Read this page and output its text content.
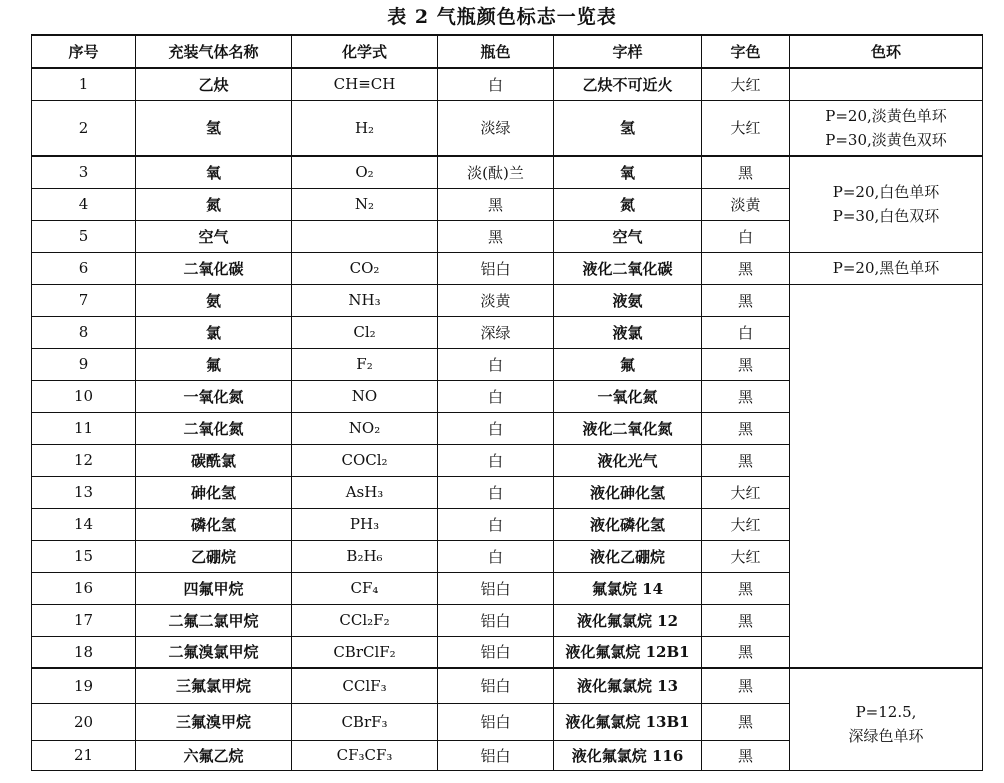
表 2 气瓶颜色标志一览表
序号	充装气体名称	化学式	瓶色	字样	字色	色环
1	乙炔	CH≡CH	白	乙炔不可近火	大红	
2	氢	H₂	淡绿	氢	大红	P=20,淡黄色单环
P=30,淡黄色双环

3	氧	O₂	淡(酞)兰	氧	黑	P=20,白色单环
P=30,白色双环

4	氮	N₂	黑	氮	淡黄	
5	空气		黑	空气	白	
6	二氧化碳	CO₂	铝白	液化二氧化碳	黑	P=20,黑色单环
7	氨	NH₃	淡黄	液氨	黑	
8	氯	Cl₂	深绿	液氯	白	
9	氟	F₂	白	氟	黑	
10	一氧化氮	NO	白	一氧化氮	黑	
11	二氧化氮	NO₂	白	液化二氧化氮	黑	
12	碳酰氯	COCl₂	白	液化光气	黑	
13	砷化氢	AsH₃	白	液化砷化氢	大红	
14	磷化氢	PH₃	白	液化磷化氢	大红	
15	乙硼烷	B₂H₆	白	液化乙硼烷	大红	
16	四氟甲烷	CF₄	铝白	氟氯烷 14	黑	
17	二氟二氯甲烷	CCl₂F₂	铝白	液化氟氯烷 12	黑	
18	二氟溴氯甲烷	CBrClF₂	铝白	液化氟氯烷 12B1	黑	
19	三氟氯甲烷	CClF₃	铝白	液化氟氯烷 13	黑	P=12.5,
深绿色单环

20	三氟溴甲烷	CBrF₃	铝白	液化氟氯烷 13B1	黑	
21	六氟乙烷	CF₃CF₃	铝白	液化氟氯烷 116	黑	
